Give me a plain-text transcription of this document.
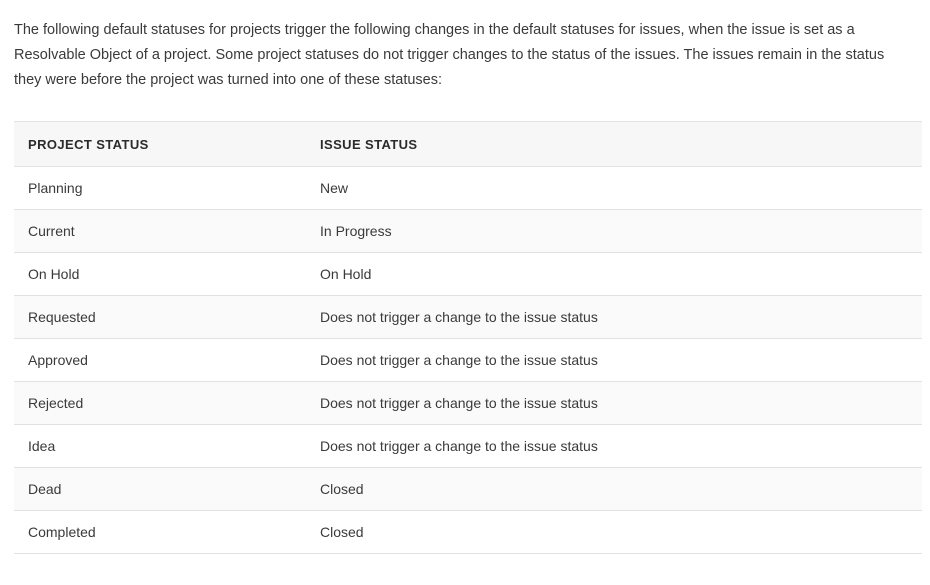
The following default statuses for projects trigger the following changes in the default statuses for issues, when the issue is set as a Resolvable Object of a project. Some project statuses do not trigger changes to the status of the issues. The issues remain in the status they were before the project was turned into one of these statuses:

PROJECT STATUS	ISSUE STATUS
Planning	New
Current	In Progress
On Hold	On Hold
Requested	Does not trigger a change to the issue status
Approved	Does not trigger a change to the issue status
Rejected	Does not trigger a change to the issue status
Idea	Does not trigger a change to the issue status
Dead	Closed
Completed	Closed
